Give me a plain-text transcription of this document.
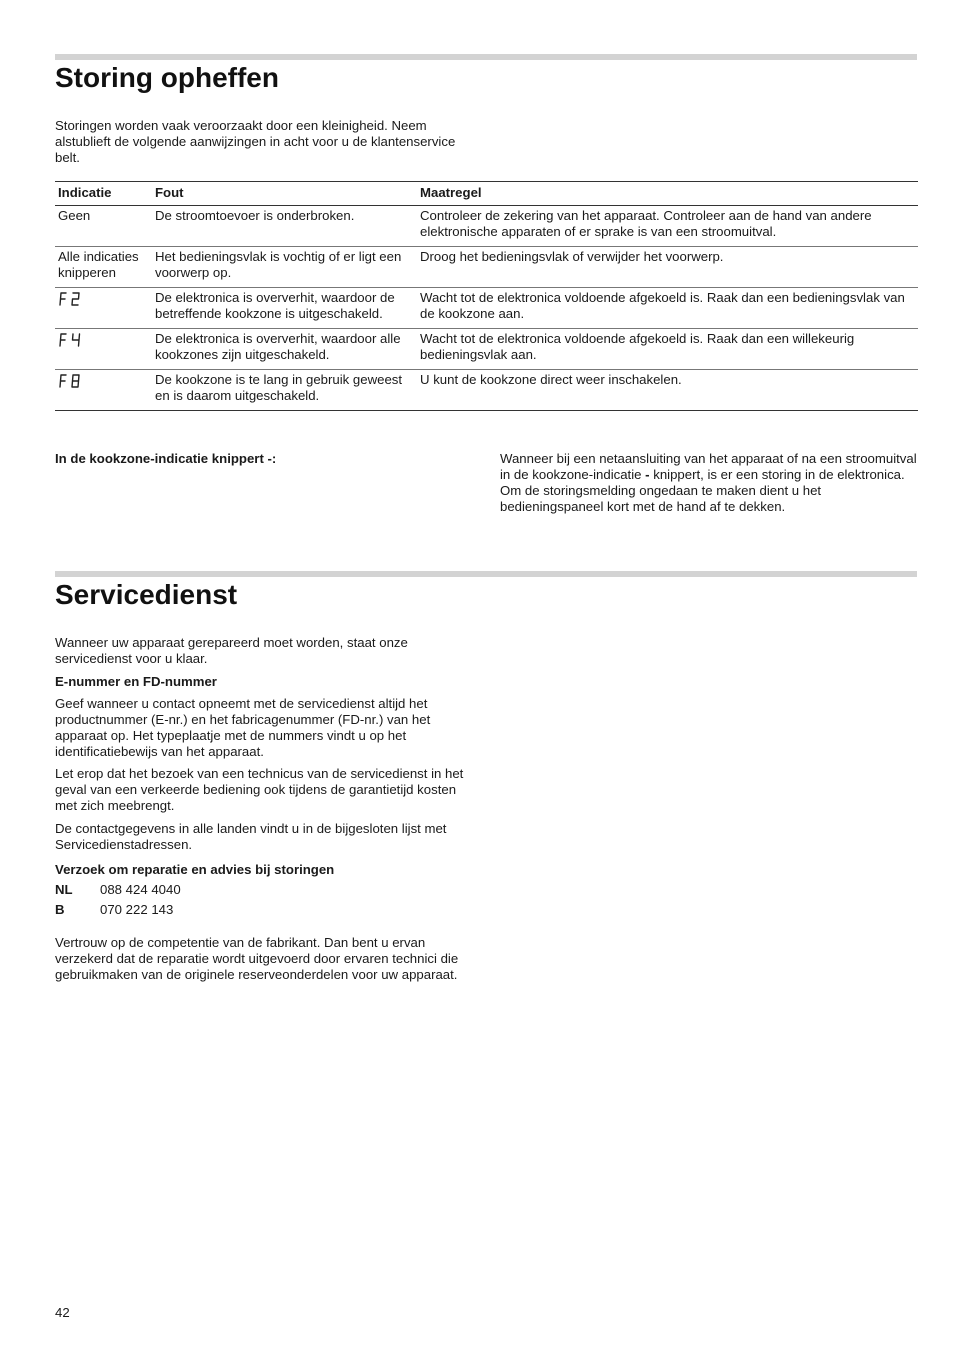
Storing opheffen

Storingen worden vaak veroorzaakt door een kleinigheid. Neem alstublieft de volgende aanwijzingen in acht voor u de klantenservice belt.

Indicatie	Fout	Maatregel
Geen	De stroomtoevoer is onderbroken.	Controleer de zekering van het apparaat. Controleer aan de hand van andere elektronische apparaten of er sprake is van een stroomuitval.
Alle indicaties knipperen	Het bedieningsvlak is vochtig of er ligt een voorwerp op.	Droog het bedieningsvlak of verwijder het voorwerp.

	De elektronica is oververhit, waardoor de betreffende kookzone is uitgeschakeld.	Wacht tot de elektronica voldoende afgekoeld is. Raak dan een bedieningsvlak van de kookzone aan.

	De elektronica is oververhit, waardoor alle kookzones zijn uitgeschakeld.	Wacht tot de elektronica voldoende afgekoeld is. Raak dan een willekeurig bedieningsvlak aan.

	De kookzone is te lang in gebruik geweest en is daarom uitgeschakeld.	U kunt de kookzone direct weer inschakelen.
In de kookzone-indicatie knippert -:	Wanneer bij een netaansluiting van het apparaat of na een stroomuitval in de kookzone-indicatie - knippert, is er een storing in de elektronica. Om de storingsmelding ongedaan te maken dient u het bedieningspaneel kort met de hand af te dekken.
Servicedienst

Wanneer uw apparaat gerepareerd moet worden, staat onze servicedienst voor u klaar.

E-nummer en FD-nummer

Geef wanneer u contact opneemt met de servicedienst altijd het productnummer (E-nr.) en het fabricagenummer (FD-nr.) van het apparaat op. Het typeplaatje met de nummers vindt u op het identificatiebewijs van het apparaat.

Let erop dat het bezoek van een technicus van de servicedienst in het geval van een verkeerde bediening ook tijdens de garantietijd kosten met zich meebrengt.

De contactgegevens in alle landen vindt u in de bijgesloten lijst met Servicedienstadressen.

Verzoek om reparatie en advies bij storingen

NL 088 424 4040
B	070 222 143

Vertrouw op de competentie van de fabrikant. Dan bent u ervan verzekerd dat de reparatie wordt uitgevoerd door ervaren technici die gebruikmaken van de originele reserveonderdelen voor uw apparaat.

42
